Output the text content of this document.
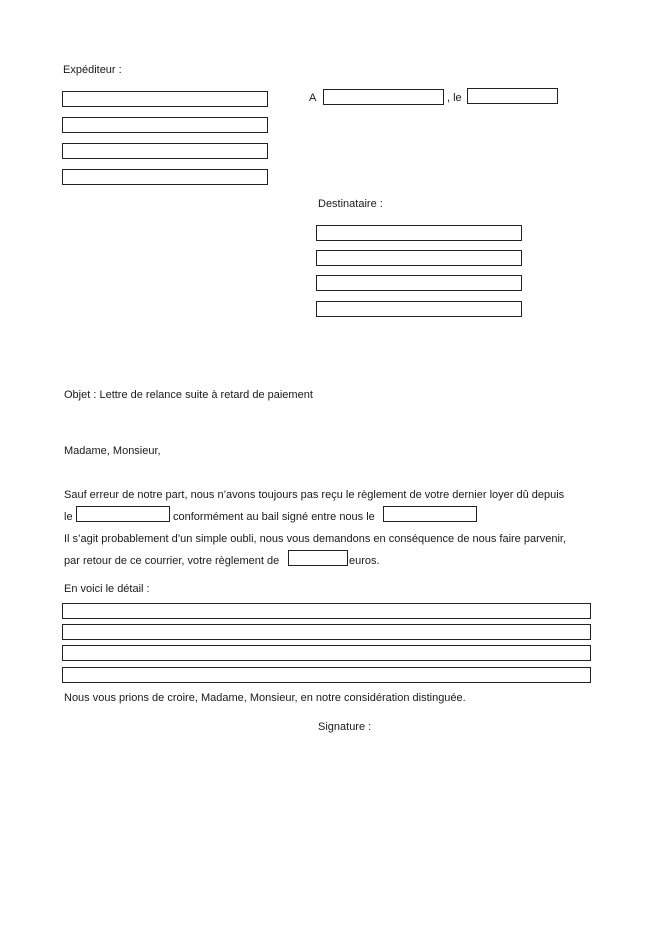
Expéditeur :
A	, le
Destinataire :
Objet : Lettre de relance suite à retard de paiement
Madame, Monsieur,
Sauf erreur de notre part, nous n’avons toujours pas reçu le règlement de votre dernier loyer dû depuis
le	conformément au bail signé entre nous le
Il s’agit probablement d’un simple oubli, nous vous demandons en conséquence de nous faire parvenir,
par retour de ce courrier, votre règlement de	euros.
En voici le détail :
Nous vous prions de croire, Madame, Monsieur, en notre considération distinguée.
Signature :
